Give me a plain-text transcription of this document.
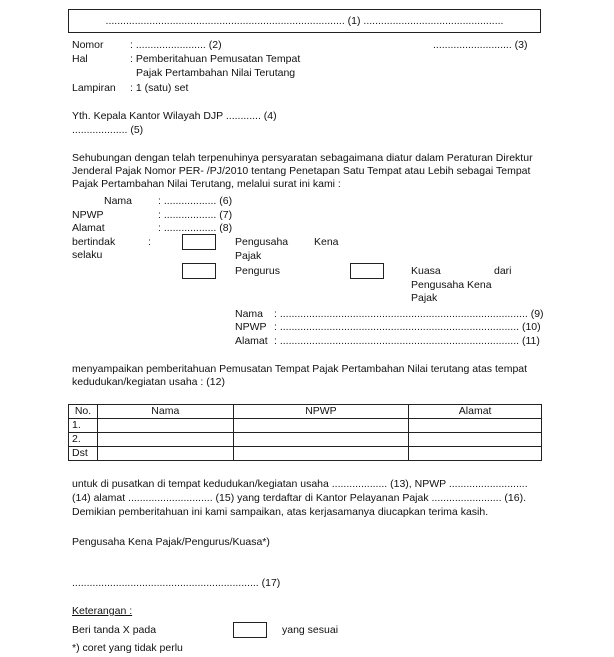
.................................................................................. (1) ................................................
Nomor	: ........................ (2)	........................... (3)
Hal	: Pemberitahuan Pemusatan Tempat
Pajak Pertambahan Nilai Terutang
Lampiran : 1 (satu) set
Yth. Kepala Kantor Wilayah DJP ............ (4)
................... (5)
Sehubungan dengan telah terpenuhinya persyaratan sebagaimana diatur dalam Peraturan Direktur Jenderal Pajak Nomor PER- /PJ/2010 tentang Penetapan Satu Tempat atau Lebih sebagai Tempat Pajak Pertambahan Nilai Terutang, melalui surat ini kami :
Nama : .................. (6)
NPWP	: .................. (7)
Alamat	: .................. (8)
bertindak selaku
:	Pengusaha Kena
Pajak
Pengurus	Kuasa	dari
Pengusaha Kena Pajak
Nama : ..................................................................................... (9)
NPWP : .................................................................................. (10)
Alamat : .................................................................................. (11)
menyampaikan pemberitahuan Pemusatan Tempat Pajak Pertambahan Nilai terutang atas tempat kedudukan/kegiatan usaha : (12)
No.	Nama	NPWP	Alamat
1.			
2.			
Dst			
untuk di pusatkan di tempat kedudukan/kegiatan usaha ................... (13), NPWP ...........................
(14) alamat ............................. (15) yang terdaftar di Kantor Pelayanan Pajak ........................ (16).
Demikian pemberitahuan ini kami sampaikan, atas kerjasamanya diucapkan terima kasih.
Pengusaha Kena Pajak/Pengurus/Kuasa*)
................................................................ (17)
Keterangan :
Beri tanda X pada	yang sesuai
*) coret yang tidak perlu
